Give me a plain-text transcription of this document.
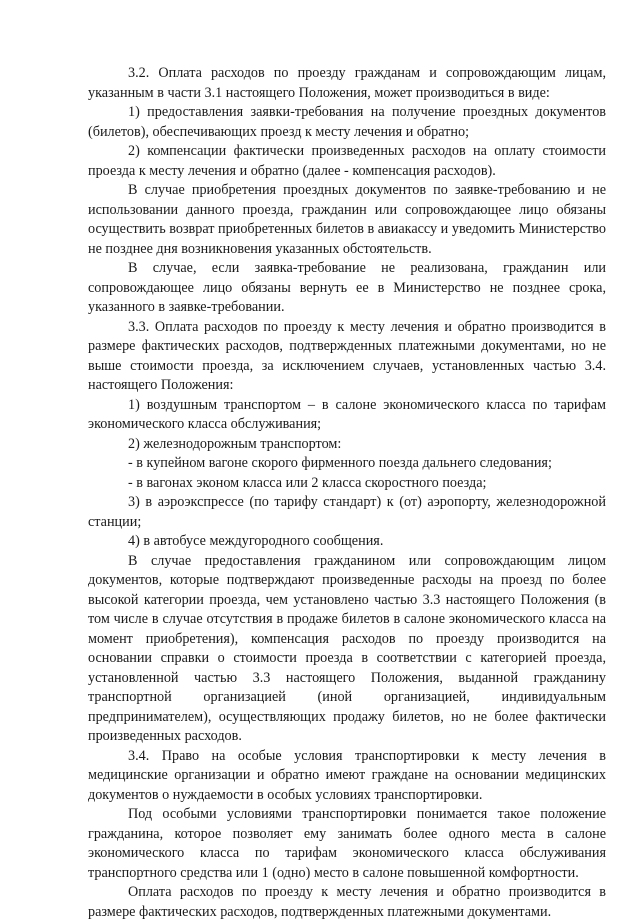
3.2. Оплата расходов по проезду гражданам и сопровождающим лицам, указанным в части 3.1 настоящего Положения, может производиться в виде:

1) предоставления заявки-требования на получение проездных документов (билетов), обеспечивающих проезд к месту лечения и обратно;

2) компенсации фактически произведенных расходов на оплату стоимости проезда к месту лечения и обратно (далее - компенсация расходов).

В случае приобретения проездных документов по заявке-требованию и не использовании данного проезда, гражданин или сопровождающее лицо обязаны осуществить возврат приобретенных билетов в авиакассу и уведомить Министерство не позднее дня возникновения указанных обстоятельств.

В случае, если заявка-требование не реализована, гражданин или сопровождающее лицо обязаны вернуть ее в Министерство не позднее срока, указанного в заявке-требовании.

3.3. Оплата расходов по проезду к месту лечения и обратно производится в размере фактических расходов, подтвержденных платежными документами, но не выше стоимости проезда, за исключением случаев, установленных частью 3.4. настоящего Положения:

1) воздушным транспортом – в салоне экономического класса по тарифам экономического класса обслуживания;

2) железнодорожным транспортом:

- в купейном вагоне скорого фирменного поезда дальнего следования;

- в вагонах эконом класса или 2 класса скоростного поезда;

3) в аэроэкспрессе (по тарифу стандарт) к (от) аэропорту, железнодорожной станции;

4) в автобусе междугородного сообщения.

В случае предоставления гражданином или сопровождающим лицом документов, которые подтверждают произведенные расходы на проезд по более высокой категории проезда, чем установлено частью 3.3 настоящего Положения (в том числе в случае отсутствия в продаже билетов в салоне экономического класса на момент приобретения), компенсация расходов по проезду производится на основании справки о стоимости проезда в соответствии с категорией проезда, установленной частью 3.3 настоящего Положения, выданной гражданину транспортной организацией (иной организацией, индивидуальным предпринимателем), осуществляющих продажу билетов, но не более фактически произведенных расходов.

3.4. Право на особые условия транспортировки к месту лечения в медицинские организации и обратно имеют граждане на основании медицинских документов о нуждаемости в особых условиях транспортировки.

Под особыми условиями транспортировки понимается такое положение гражданина, которое позволяет ему занимать более одного места в салоне экономического класса по тарифам экономического класса обслуживания транспортного средства или 1 (одно) место в салоне повышенной комфортности.

Оплата расходов по проезду к месту лечения и обратно производится в размере фактических расходов, подтвержденных платежными документами.
